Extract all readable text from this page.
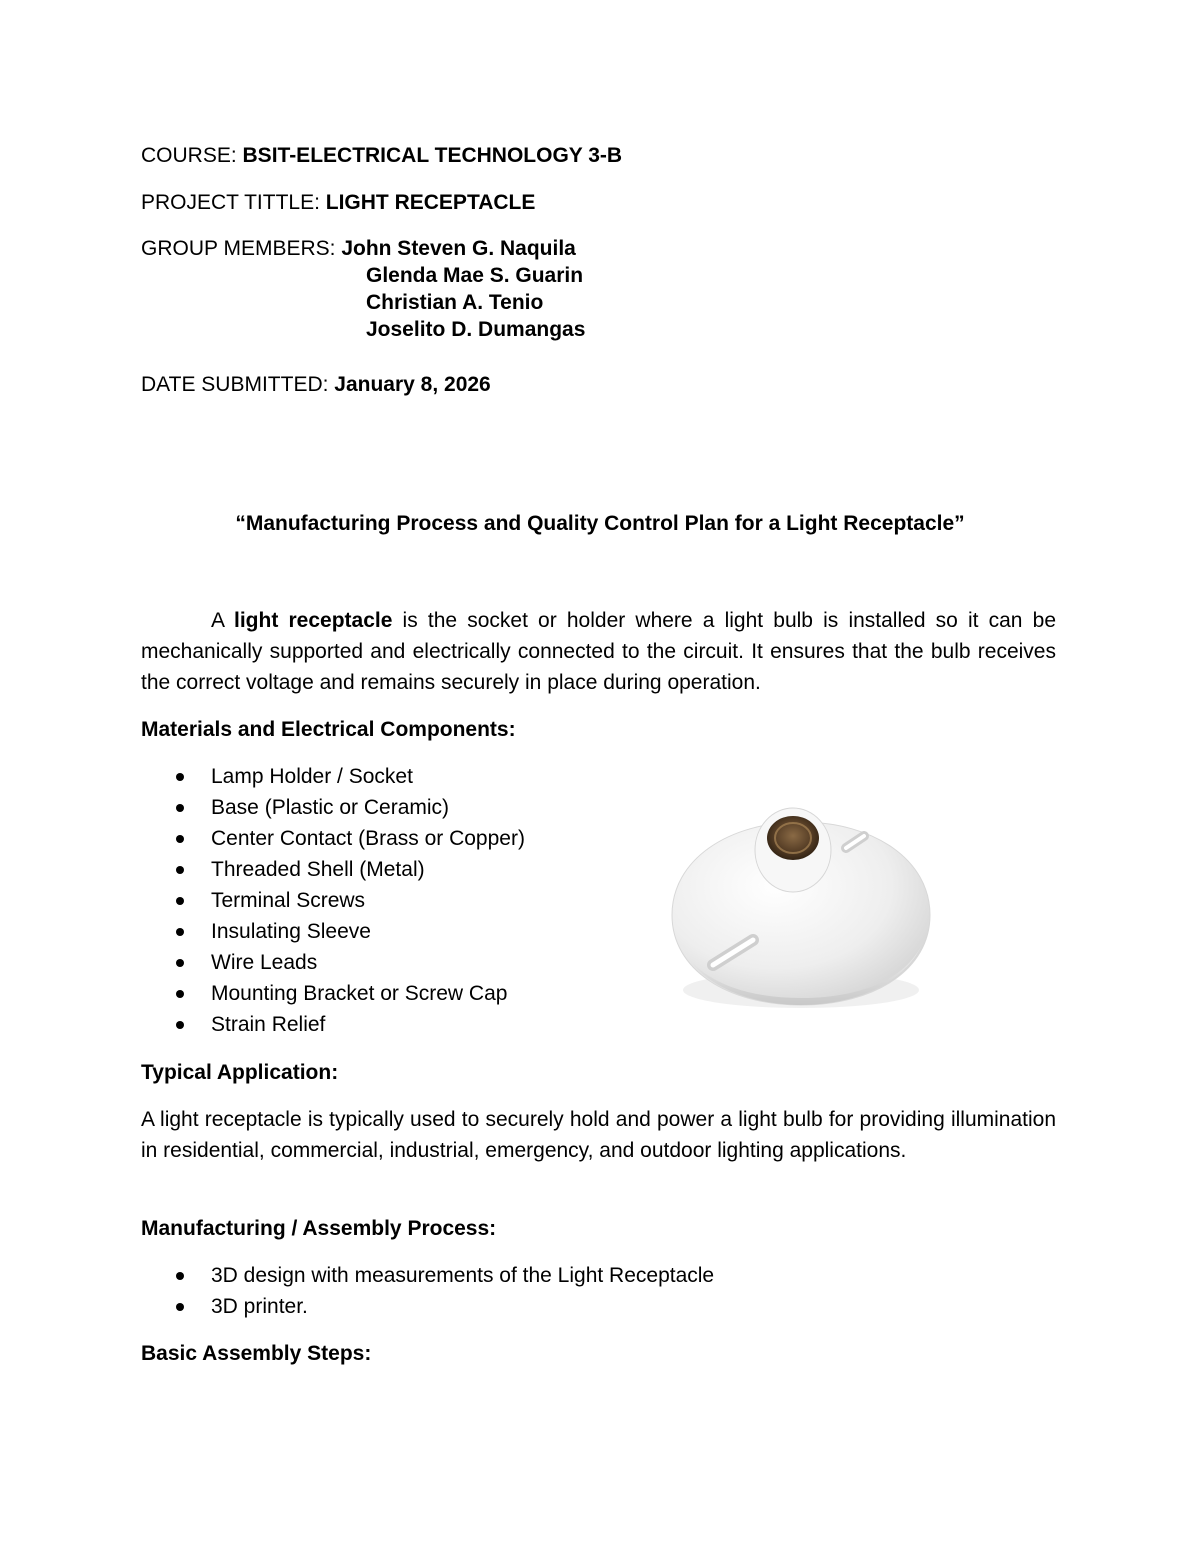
COURSE: BSIT-ELECTRICAL TECHNOLOGY 3-B
PROJECT TITTLE: LIGHT RECEPTACLE
GROUP MEMBERS: John Steven G. Naquila
Glenda Mae S. Guarin
Christian A. Tenio
Joselito D. Dumangas
DATE SUBMITTED: January 8, 2026
“Manufacturing Process and Quality Control Plan for a Light Receptacle”
A light receptacle is the socket or holder where a light bulb is installed so it can be mechanically supported and electrically connected to the circuit. It ensures that the bulb receives the correct voltage and remains securely in place during operation.
Materials and Electrical Components:
Lamp Holder / Socket
Base (Plastic or Ceramic)
Center Contact (Brass or Copper)
Threaded Shell (Metal)
Terminal Screws
Insulating Sleeve
Wire Leads
Mounting Bracket or Screw Cap
Strain Relief
Typical Application:
A light receptacle is typically used to securely hold and power a light bulb for providing illumination in residential, commercial, industrial, emergency, and outdoor lighting applications.
Manufacturing / Assembly Process:
3D design with measurements of the Light Receptacle
3D printer.
Basic Assembly Steps:
